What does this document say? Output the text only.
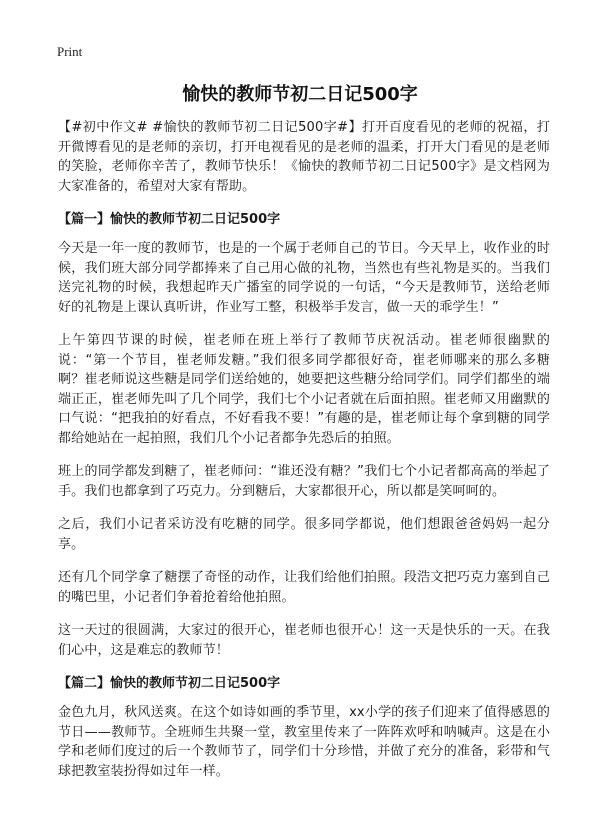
Print
愉快的教师节初二日记500字

【#初中作文# #愉快的教师节初二日记500字#】打开百度看见的老师的祝福，打开微博看见的是老师的亲切，打开电视看见的是老师的温柔，打开大门看见的是老师的笑脸，老师你辛苦了，教师节快乐！《愉快的教师节初二日记500字》是文档网为大家准备的，希望对大家有帮助。

【篇一】愉快的教师节初二日记500字

今天是一年一度的教师节，也是的一个属于老师自己的节日。今天早上，收作业的时候，我们班大部分同学都捧来了自己用心做的礼物，当然也有些礼物是买的。当我们送完礼物的时候，我想起昨天广播室的同学说的一句话，“今天是教师节，送给老师好的礼物是上课认真听讲，作业写工整，积极举手发言，做一天的乖学生！”

上午第四节课的时候，崔老师在班上举行了教师节庆祝活动。崔老师很幽默的说：“第一个节目，崔老师发糖。”我们很多同学都很好奇，崔老师哪来的那么多糖啊？崔老师说这些糖是同学们送给她的，她要把这些糖分给同学们。同学们都坐的端端正正，崔老师先叫了几个同学，我们七个小记者就在后面拍照。崔老师又用幽默的口气说：“把我拍的好看点，不好看我不要！”有趣的是，崔老师让每个拿到糖的同学都给她站在一起拍照，我们几个小记者都争先恐后的拍照。

班上的同学都发到糖了，崔老师问：“谁还没有糖？”我们七个小记者都高高的举起了手。我们也都拿到了巧克力。分到糖后，大家都很开心，所以都是笑呵呵的。

之后，我们小记者采访没有吃糖的同学。很多同学都说，他们想跟爸爸妈妈一起分享。

还有几个同学拿了糖摆了奇怪的动作，让我们给他们拍照。段浩文把巧克力塞到自己的嘴巴里，小记者们争着抢着给他拍照。

这一天过的很圆满，大家过的很开心，崔老师也很开心！这一天是快乐的一天。在我们心中，这是难忘的教师节！

【篇二】愉快的教师节初二日记500字

金色九月，秋风送爽。在这个如诗如画的季节里，xx小学的孩子们迎来了值得感恩的节日——教师节。全班师生共聚一堂，教室里传来了一阵阵欢呼和呐喊声。这是在小学和老师们度过的后一个教师节了，同学们十分珍惜，并做了充分的准备，彩带和气球把教室装扮得如过年一样。
